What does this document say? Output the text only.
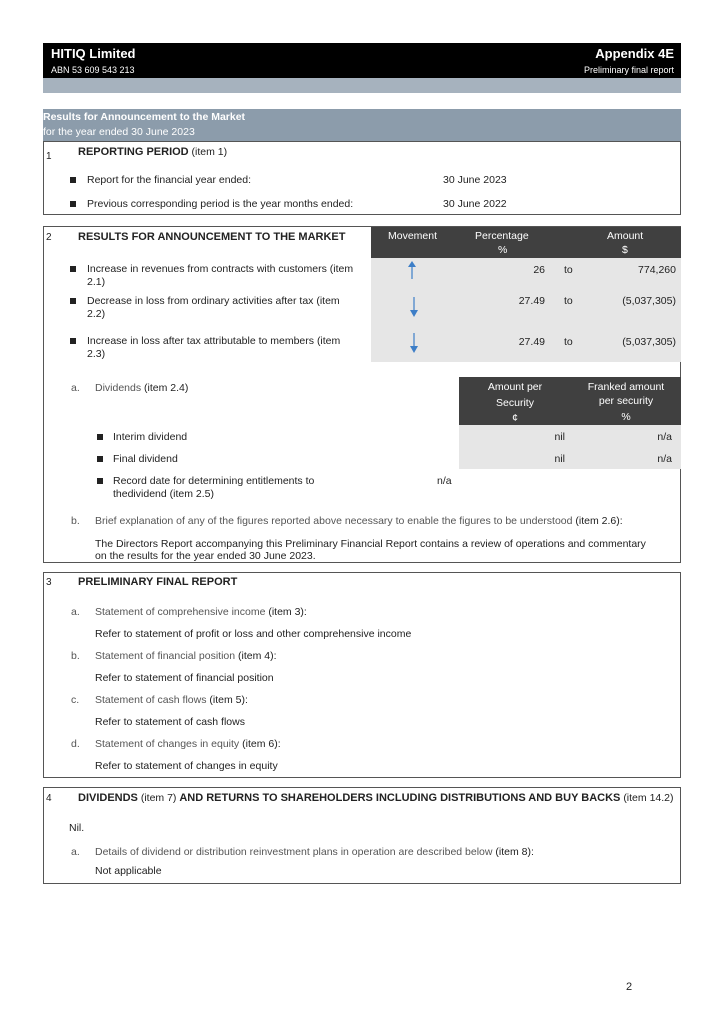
HITIQ Limited
ABN 53 609 543 213
Appendix 4E
Preliminary final report
Results for Announcement to the Market
for the year ended 30 June 2023
1 REPORTING PERIOD (item 1)
Report for the financial year ended:	30 June 2023
Previous corresponding period is the year months ended:	30 June 2022
2 RESULTS FOR ANNOUNCEMENT TO THE MARKET	Movement	Percentage
%
Amount
$
Increase in revenues from contracts with customers (item
2.1)
26 to	774,260
Decrease in loss from ordinary activities after tax (item
2.2)
27.49 to	(5,037,305)
Increase in loss after tax attributable to members (item
2.3)
27.49 to	(5,037,305)
a. Dividends (item 2.4)	Amount per
Security
¢
Franked amount
per security
%
Interim dividend	nil	n/a
Final dividend	nil	n/a
Record date for determining entitlements to
thedividend (item 2.5)
n/a
b. Brief explanation of any of the figures reported above necessary to enable the figures to be understood (item 2.6):
The Directors Report accompanying this Preliminary Financial Report contains a review of operations and commentary
on the results for the year ended 30 June 2023.
3 PRELIMINARY FINAL REPORT
a. Statement of comprehensive income (item 3):
Refer to statement of profit or loss and other comprehensive income
b. Statement of financial position (item 4):
Refer to statement of financial position
c. Statement of cash flows (item 5):
Refer to statement of cash flows
d. Statement of changes in equity (item 6):
Refer to statement of changes in equity
4 DIVIDENDS (item 7) AND RETURNS TO SHAREHOLDERS INCLUDING DISTRIBUTIONS AND BUY BACKS (item 14.2)
Nil.
a. Details of dividend or distribution reinvestment plans in operation are described below (item 8):
Not applicable
2
